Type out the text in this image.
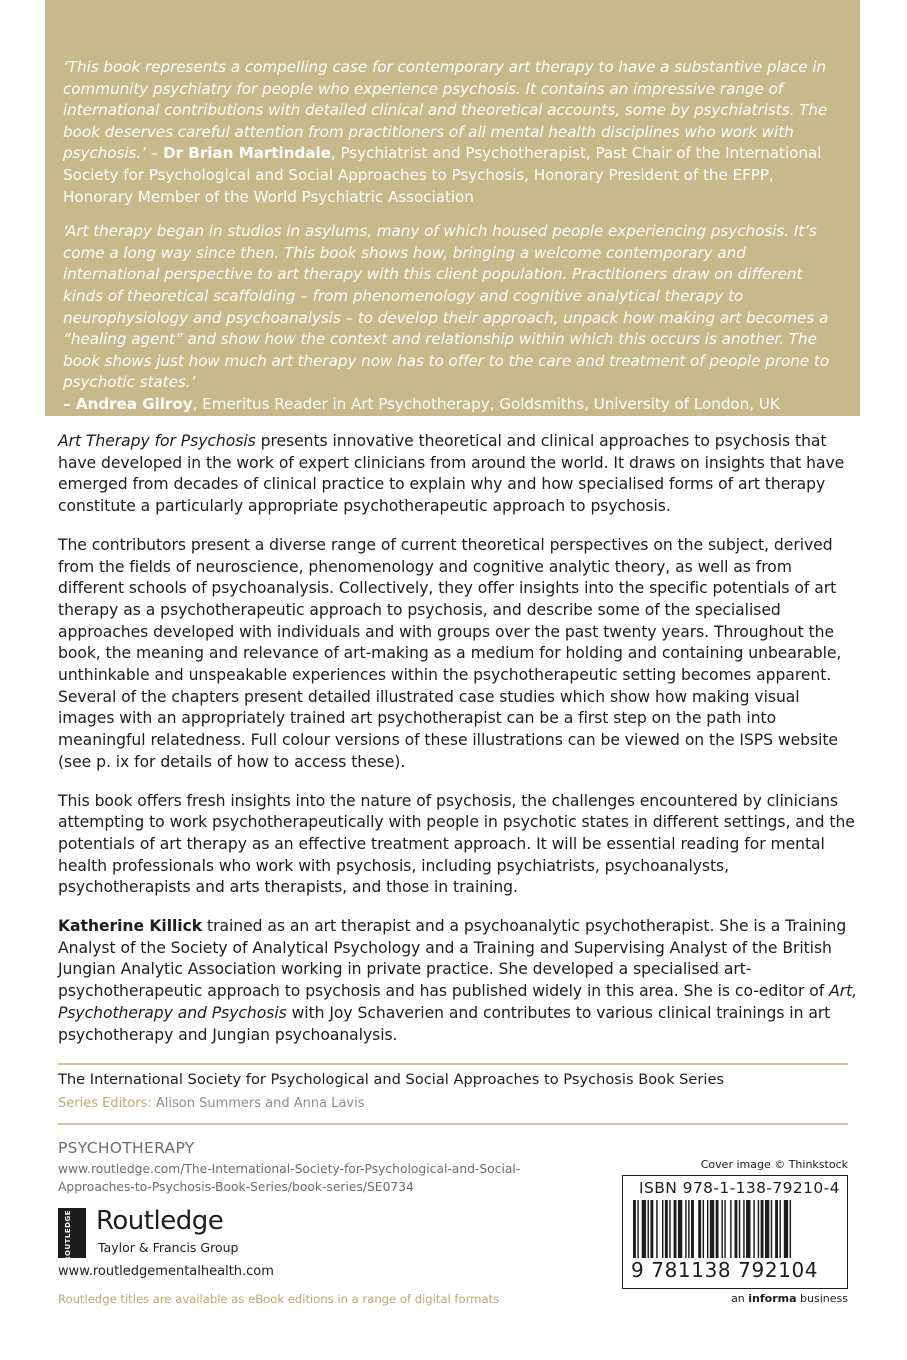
‘This book represents a compelling case for contemporary art therapy to have a substantive place in community psychiatry for people who experience psychosis. It contains an impressive range of international contributions with detailed clinical and theoretical accounts, some by psychiatrists. The book deserves careful attention from practitioners of all mental health disciplines who work with psychosis.’ – Dr Brian Martindale, Psychiatrist and Psychotherapist, Past Chair of the International Society for Psychological and Social Approaches to Psychosis, Honorary President of the EFPP, Honorary Member of the World Psychiatric Association

‘Art therapy began in studios in asylums, many of which housed people experiencing psychosis. It’s come a long way since then. This book shows how, bringing a welcome contemporary and international perspective to art therapy with this client population. Practitioners draw on different kinds of theoretical scaffolding – from phenomenology and cognitive analytical therapy to neurophysiology and psychoanalysis – to develop their approach, unpack how making art becomes a “healing agent” and show how the context and relationship within which this occurs is another. The book shows just how much art therapy now has to offer to the care and treatment of people prone to psychotic states.’
– Andrea Gilroy, Emeritus Reader in Art Psychotherapy, Goldsmiths, University of London, UK

Art Therapy for Psychosis presents innovative theoretical and clinical approaches to psychosis that have developed in the work of expert clinicians from around the world. It draws on insights that have emerged from decades of clinical practice to explain why and how specialised forms of art therapy constitute a particularly appropriate psychotherapeutic approach to psychosis.

The contributors present a diverse range of current theoretical perspectives on the subject, derived from the fields of neuroscience, phenomenology and cognitive analytic theory, as well as from different schools of psychoanalysis. Collectively, they offer insights into the specific potentials of art therapy as a psychotherapeutic approach to psychosis, and describe some of the specialised approaches developed with individuals and with groups over the past twenty years. Throughout the book, the meaning and relevance of art-making as a medium for holding and containing unbearable, unthinkable and unspeakable experiences within the psychotherapeutic setting becomes apparent. Several of the chapters present detailed illustrated case studies which show how making visual images with an appropriately trained art psychotherapist can be a first step on the path into meaningful relatedness. Full colour versions of these illustrations can be viewed on the ISPS website (see p. ix for details of how to access these).

This book offers fresh insights into the nature of psychosis, the challenges encountered by clinicians attempting to work psychotherapeutically with people in psychotic states in different settings, and the potentials of art therapy as an effective treatment approach. It will be essential reading for mental health professionals who work with psychosis, including psychiatrists, psychoanalysts, psychotherapists and arts therapists, and those in training.

Katherine Killick trained as an art therapist and a psychoanalytic psychotherapist. She is a Training Analyst of the Society of Analytical Psychology and a Training and Supervising Analyst of the British Jungian Analytic Association working in private practice. She developed a specialised art-psychotherapeutic approach to psychosis and has published widely in this area. She is co-editor of Art, Psychotherapy and Psychosis with Joy Schaverien and contributes to various clinical trainings in art psychotherapy and Jungian psychoanalysis.

The International Society for Psychological and Social Approaches to Psychosis Book Series
Series Editors: Alison Summers and Anna Lavis
PSYCHOTHERAPY
www.routledge.com/The-International-Society-for-Psychological-and-Social-Approaches-to-Psychosis-Book-Series/book-series/SE0734
ROUTLEDGE Routledge
Taylor & Francis Group
www.routledgementalhealth.com
Routledge titles are available as eBook editions in a range of digital formats
Cover image © Thinkstock
ISBN 978-1-138-79210-4
9 781138 792104
an informa business
